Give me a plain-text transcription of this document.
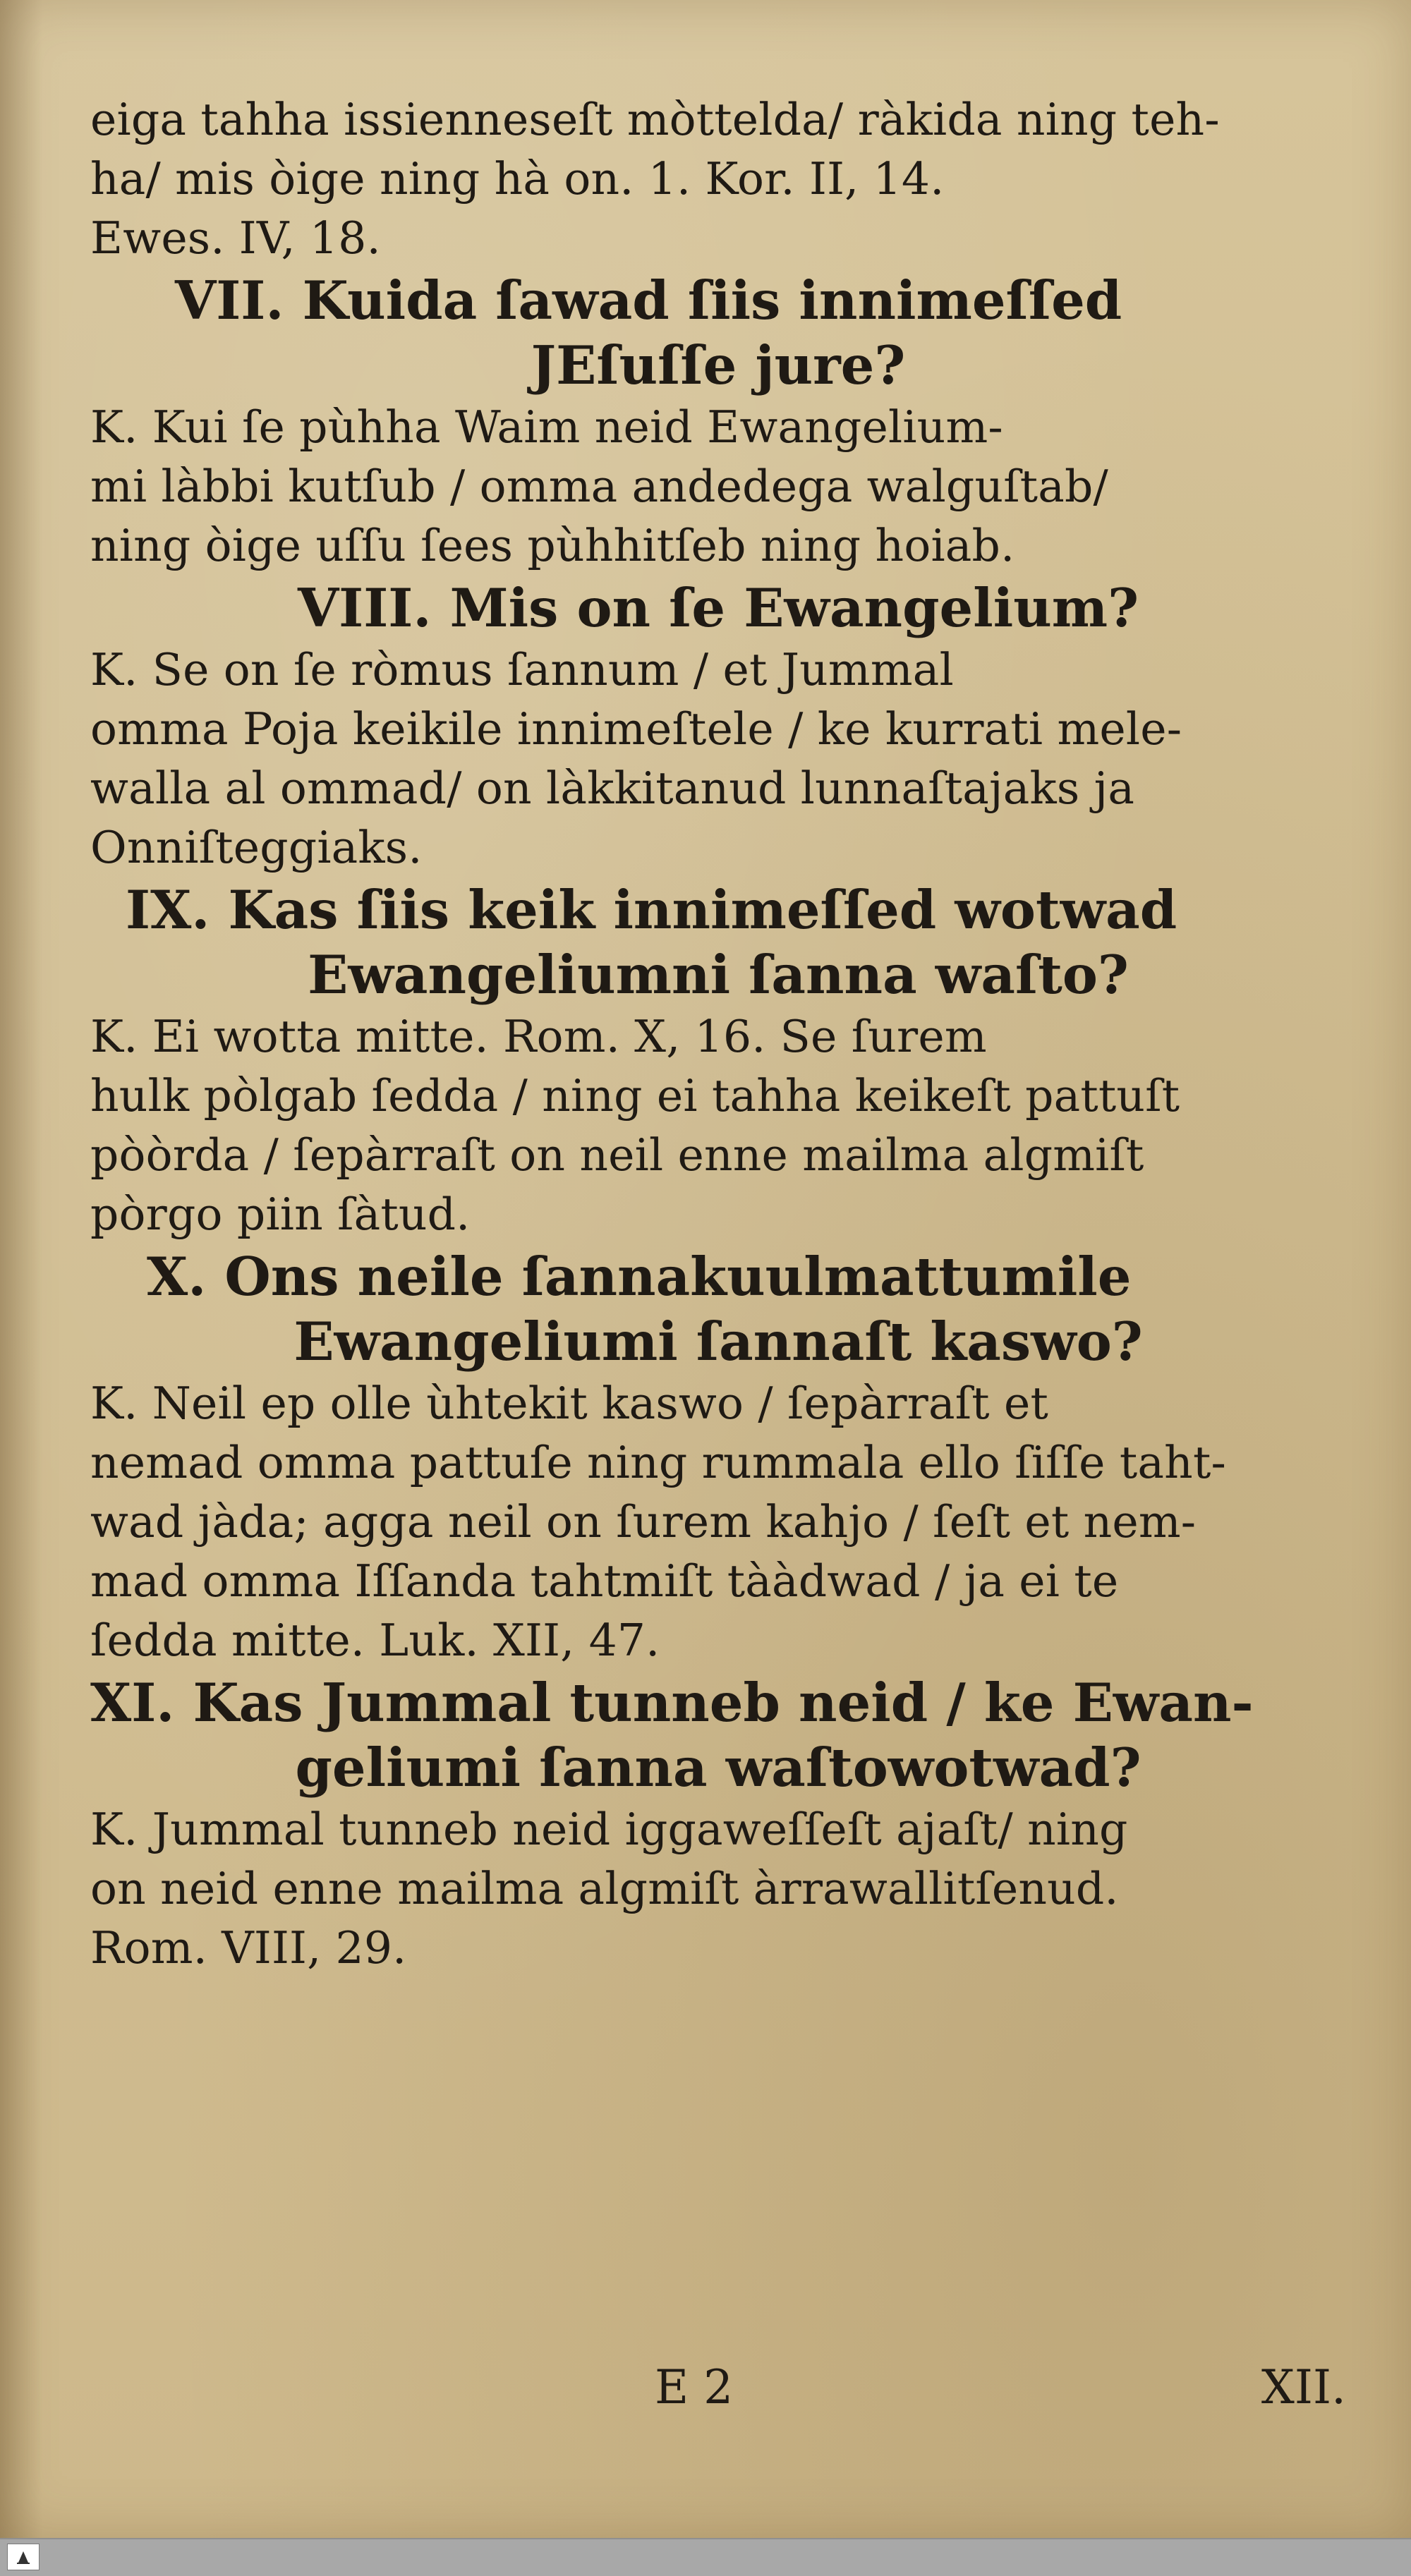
eiga tahha issienneseſt mòttelda/ ràkida ning teh-
ha/ mis òige ning hà on. 1. Kor. II, 14.
Ewes. IV, 18.
VII. Kuida ſawad ſiis innimeſſed
JEſuſſe jure?
K. Kui ſe pùhha Waim neid Ewangelium-
mi làbbi kutſub / omma andedega walguſtab/
ning òige uſſu ſees pùhhitſeb ning hoiab.
VIII. Mis on ſe Ewangelium?
K. Se on ſe ròmus ſannum / et Jummal
omma Poja keikile innimeſtele / ke kurrati mele-
walla al ommad/ on làkkitanud lunnaſtajaks ja
Onniſteggiaks.
IX. Kas ſiis keik innimeſſed wotwad
Ewangeliumni ſanna waſto?
K. Ei wotta mitte. Rom. X, 16. Se ſurem
hulk pòlgab ſedda / ning ei tahha keikeſt pattuſt
pòòrda / ſepàrraſt on neil enne mailma algmiſt
pòrgo piin ſàtud.
X. Ons neile ſannakuulmattumile
Ewangeliumi ſannaſt kaswo?
K. Neil ep olle ùhtekit kaswo / ſepàrraſt et
nemad omma pattuſe ning rummala ello ſiſſe taht-
wad jàda; agga neil on ſurem kahjo / ſeſt et nem-
mad omma Iſſanda tahtmiſt tààdwad / ja ei te
ſedda mitte. Luk. XII, 47.
XI. Kas Jummal tunneb neid / ke Ewan-
geliumi ſanna waſtowotwad?
K. Jummal tunneb neid iggaweſſeſt ajaſt/ ning
on neid enne mailma algmiſt àrrawallitſenud.
Rom. VIII, 29.
E 2	XII.
